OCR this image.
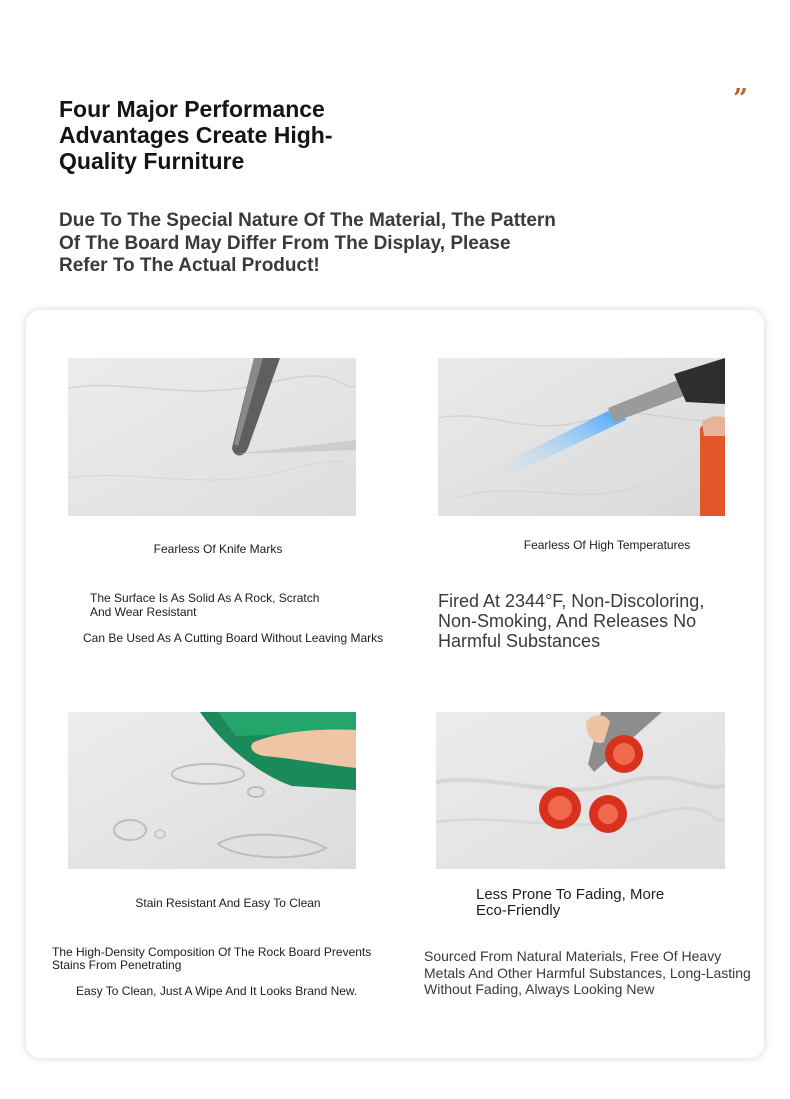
Four Major Performance Advantages Create High-Quality Furniture
”
Due To The Special Nature Of The Material, The Pattern Of The Board May Differ From The Display, Please Refer To The Actual Product!
Fearless Of Knife Marks
The Surface Is As Solid As A Rock, Scratch And Wear Resistant
Can Be Used As A Cutting Board Without Leaving Marks
Fearless Of High Temperatures
Fired At 2344°F, Non-Discoloring, Non-Smoking, And Releases No Harmful Substances
Stain Resistant And Easy To Clean
The High-Density Composition Of The Rock Board Prevents Stains From Penetrating
Easy To Clean, Just A Wipe And It Looks Brand New.
Less Prone To Fading, More Eco-Friendly
Sourced From Natural Materials, Free Of Heavy Metals And Other Harmful Substances, Long-Lasting Without Fading, Always Looking New
